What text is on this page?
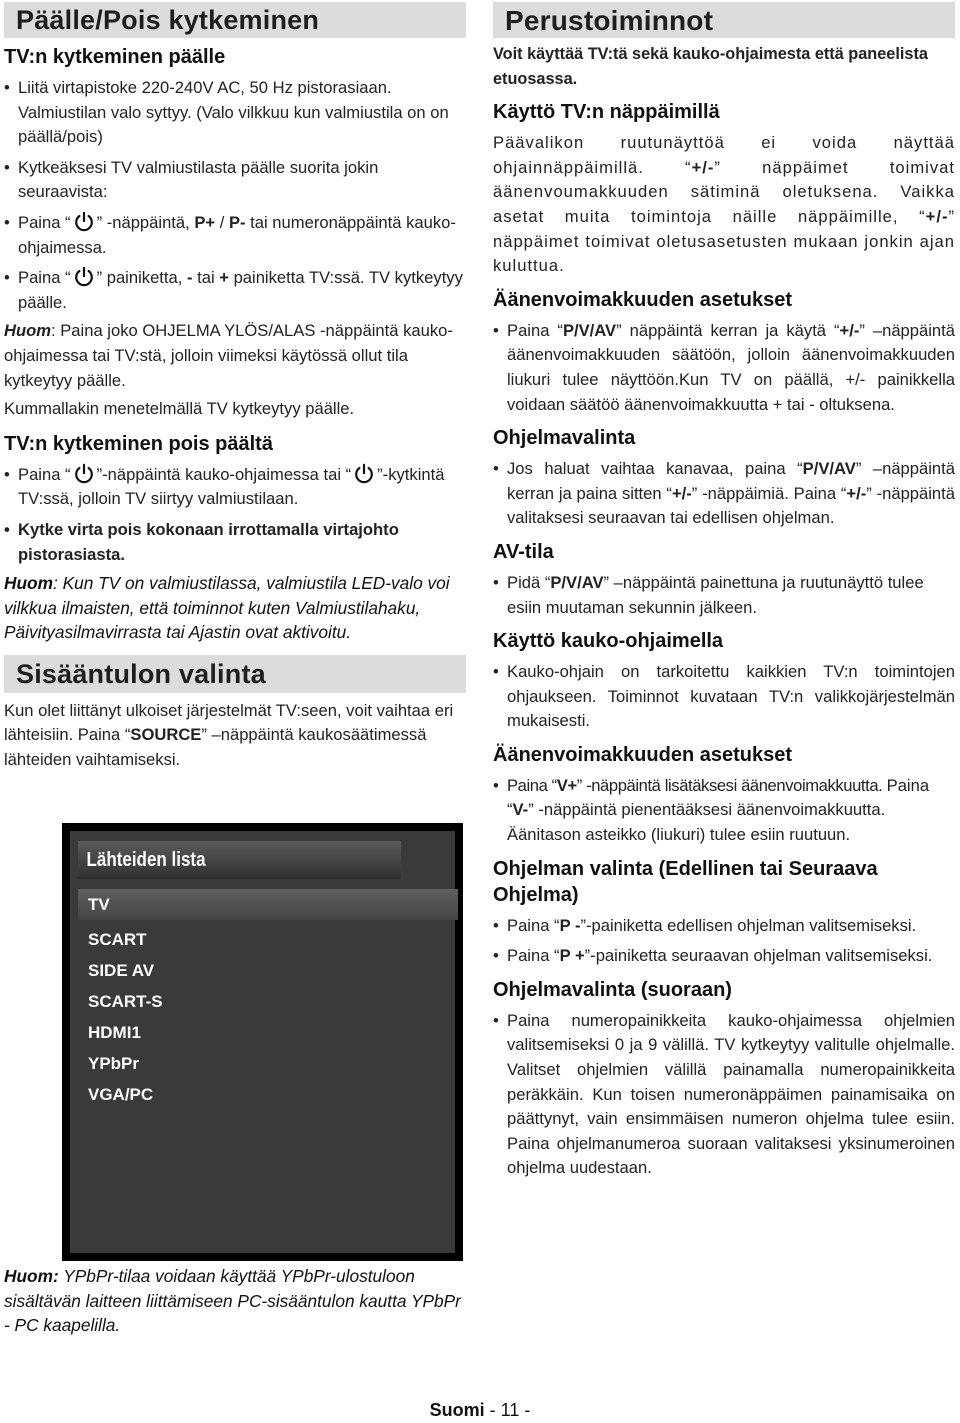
Päälle/Pois kytkeminen
TV:n kytkeminen päälle
• Liitä virtapistoke 220-240V AC, 50 Hz pistorasiaan. Valmiustilan valo syttyy. (Valo vilkkuu kun valmiustila on on päällä/pois)
• Kytkeäksesi TV valmiustilasta päälle suorita jokin seuraavista:
• Paina “ ” -näppäintä, P+ / P- tai numeronäppäintä kauko-ohjaimessa.
• Paina “ ” painiketta, - tai + painiketta TV:ssä. TV kytkeytyy päälle.
Huom: Paina joko OHJELMA YLÖS/ALAS -näppäintä kauko-ohjaimessa tai TV:stä, jolloin viimeksi käytössä ollut tila kytkeytyy päälle.
Kummallakin menetelmällä TV kytkeytyy päälle.
TV:n kytkeminen pois päältä
• Paina “ ”-näppäintä kauko-ohjaimessa tai “ ”-kytkintä TV:ssä, jolloin TV siirtyy valmiustilaan.
• Kytke virta pois kokonaan irrottamalla virtajohto pistorasiasta.
Huom: Kun TV on valmiustilassa, valmiustila LED-valo voi vilkkua ilmaisten, että toiminnot kuten Valmiustilahaku, Päivityasilmavirrasta tai Ajastin ovat aktivoitu.
Sisääntulon valinta
Kun olet liittänyt ulkoiset järjestelmät TV:seen, voit vaihtaa eri lähteisiin. Paina “SOURCE” –näppäintä kaukosäätimessä lähteiden vaihtamiseksi.
Lähteiden lista
TV
SCART
SIDE AV
SCART-S
HDMI1
YPbPr
VGA/PC
Huom: YPbPr-tilaa voidaan käyttää YPbPr-ulostuloon sisältävän laitteen liittämiseen PC-sisääntulon kautta YPbPr - PC kaapelilla.
Perustoiminnot
Voit käyttää TV:tä sekä kauko-ohjaimesta että paneelista etuosassa.
Käyttö TV:n näppäimillä
Päävalikon ruutunäyttöä ei voida näyttää ohjainnäppäimillä. “+/-” näppäimet toimivat äänenvoumakkuuden sätiminä oletuksena. Vaikka asetat muita toimintoja näille näppäimille, “+/-” näppäimet toimivat oletusasetusten mukaan jonkin ajan kuluttua.
Äänenvoimakkuuden asetukset
• Paina “P/V/AV” näppäintä kerran ja käytä “+/-” –näppäintä äänenvoimakkuuden säätöön, jolloin äänenvoimakkuuden liukuri tulee näyttöön.Kun TV on päällä, +/- painikkella voidaan säätöö äänenvoimakkuutta + tai - oltuksena.
Ohjelmavalinta
• Jos haluat vaihtaa kanavaa, paina “P/V/AV” –näppäintä kerran ja paina sitten “+/-” -näppäimiä. Paina “+/-” -näppäintä valitaksesi seuraavan tai edellisen ohjelman.
AV-tila
• Pidä “P/V/AV” –näppäintä painettuna ja ruutunäyttö tulee esiin muutaman sekunnin jälkeen.
Käyttö kauko-ohjaimella
• Kauko-ohjain on tarkoitettu kaikkien TV:n toimintojen ohjaukseen. Toiminnot kuvataan TV:n valikkojärjestelmän mukaisesti.
Äänenvoimakkuuden asetukset
• Paina “V+” -näppäintä lisätäksesi äänenvoimakkuutta. Paina “V-” -näppäintä pienentääksesi äänenvoimakkuutta. Äänitason asteikko (liukuri) tulee esiin ruutuun.
Ohjelman valinta (Edellinen tai Seuraava Ohjelma)
• Paina “P -”-painiketta edellisen ohjelman valitsemiseksi.
• Paina “P +”-painiketta seuraavan ohjelman valitsemiseksi.
Ohjelmavalinta (suoraan)
• Paina numeropainikkeita kauko-ohjaimessa ohjelmien valitsemiseksi 0 ja 9 välillä. TV kytkeytyy valitulle ohjelmalle. Valitset ohjelmien välillä painamalla numeropainikkeita peräkkäin. Kun toisen numeronäppäimen painamisaika on päättynyt, vain ensimmäisen numeron ohjelma tulee esiin. Paina ohjelmanumeroa suoraan valitaksesi yksinumeroinen ohjelma uudestaan.
Suomi - 11 -
